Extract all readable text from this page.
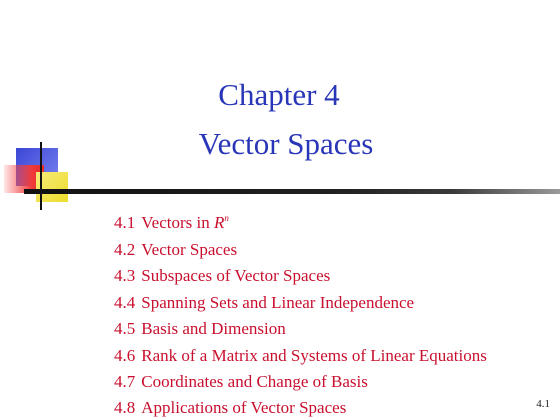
Chapter 4
Vector Spaces
4.1 Vectors in $R^n$
4.2 Vector Spaces
4.3 Subspaces of Vector Spaces
4.4 Spanning Sets and Linear Independence
4.5 Basis and Dimension
4.6 Rank of a Matrix and Systems of Linear Equations
4.7 Coordinates and Change of Basis
4.8 Applications of Vector Spaces	4.1
